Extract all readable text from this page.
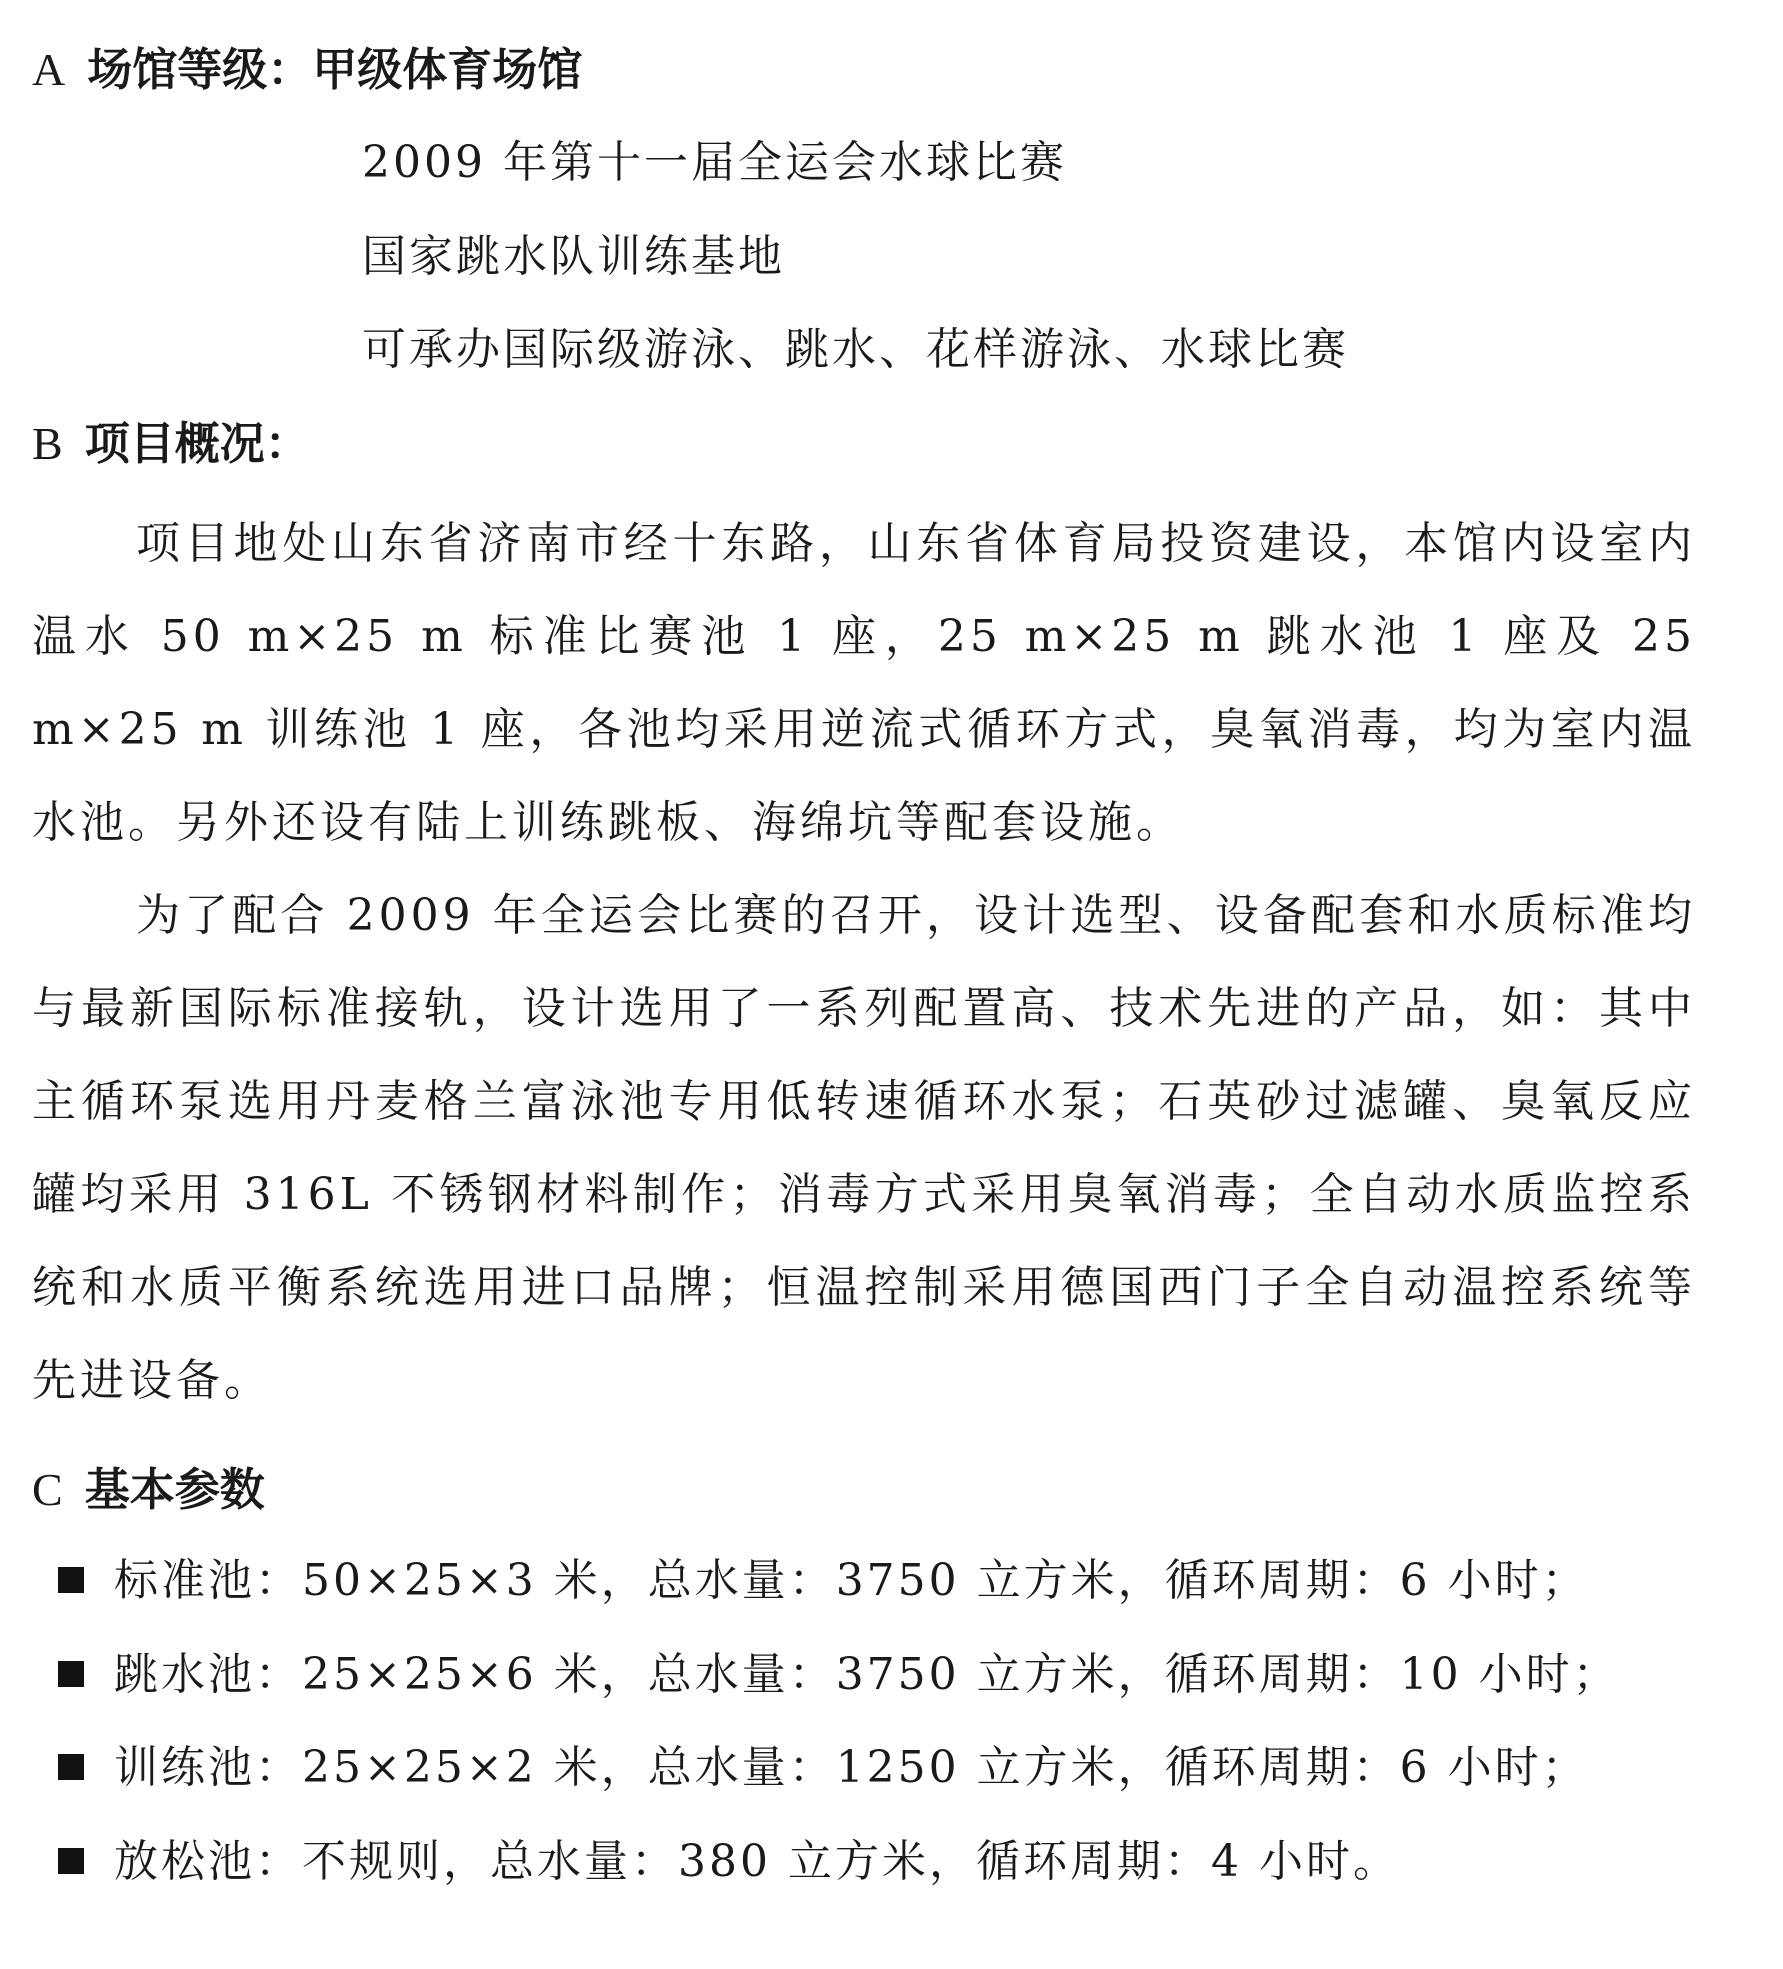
A 场馆等级：甲级体育场馆
2009 年第十一届全运会水球比赛
国家跳水队训练基地
可承办国际级游泳、跳水、花样游泳、水球比赛
B 项目概况：

项目地处山东省济南市经十东路，山东省体育局投资建设，本馆内设室内温水 50 m×25 m 标准比赛池 1 座，25 m×25 m 跳水池 1 座及 25 m×25 m 训练池 1 座，各池均采用逆流式循环方式，臭氧消毒，均为室内温水池。另外还设有陆上训练跳板、海绵坑等配套设施。

为了配合 2009 年全运会比赛的召开，设计选型、设备配套和水质标准均与最新国际标准接轨，设计选用了一系列配置高、技术先进的产品，如：其中主循环泵选用丹麦格兰富泳池专用低转速循环水泵；石英砂过滤罐、臭氧反应罐均采用 316L 不锈钢材料制作；消毒方式采用臭氧消毒；全自动水质监控系统和水质平衡系统选用进口品牌；恒温控制采用德国西门子全自动温控系统等先进设备。

C 基本参数
标准池：50×25×3 米，总水量：3750 立方米，循环周期：6 小时；
跳水池：25×25×6 米，总水量：3750 立方米，循环周期：10 小时；
训练池：25×25×2 米，总水量：1250 立方米，循环周期：6 小时；
放松池：不规则，总水量：380 立方米，循环周期：4 小时。
